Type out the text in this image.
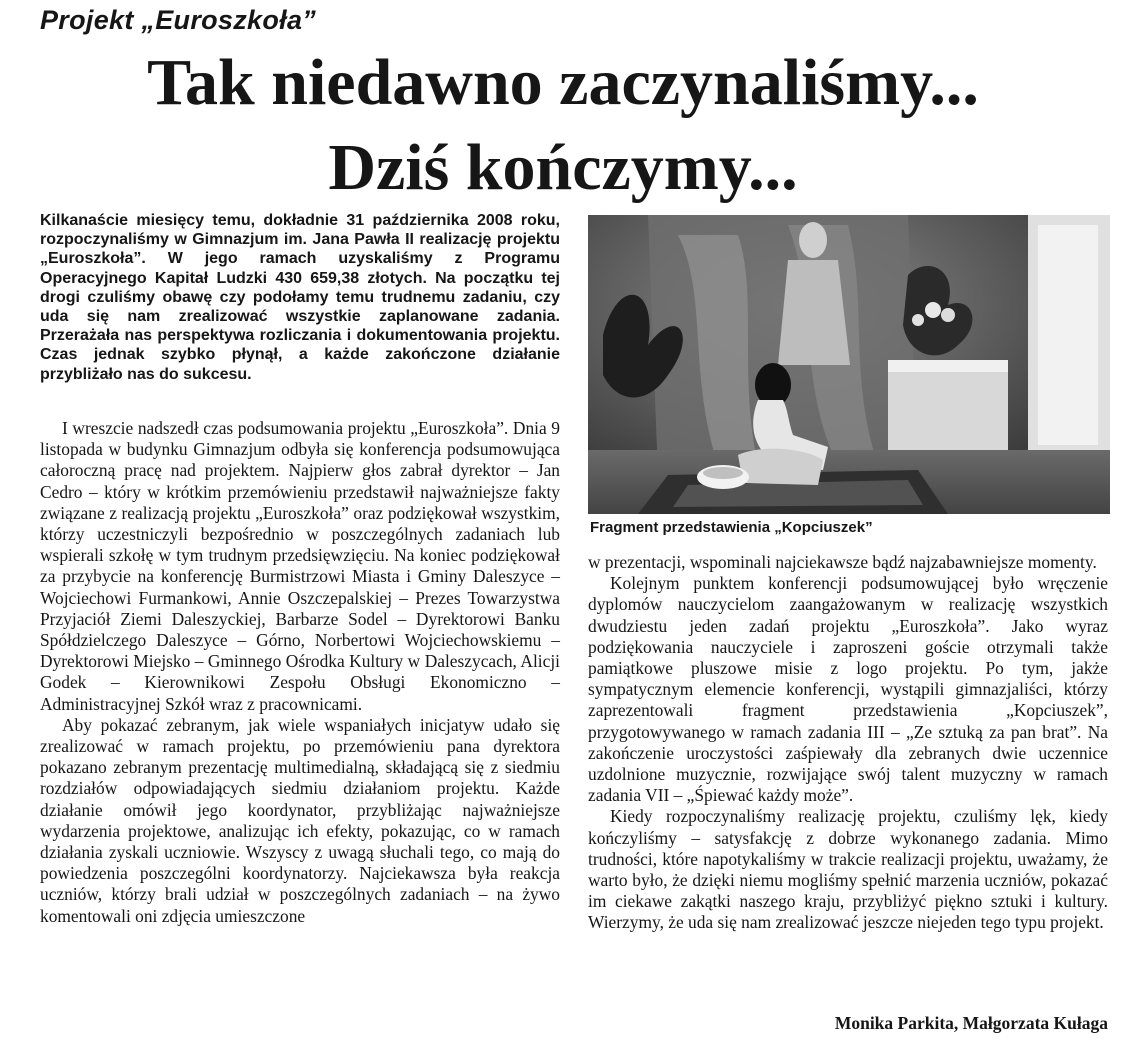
Projekt „Euroszkoła”
Tak niedawno zaczynaliśmy...
Dziś kończymy...

Kilkanaście miesięcy temu, dokładnie 31 października 2008 roku, rozpoczynaliśmy w Gimnazjum im. Jana Pawła II realizację projektu „Euroszkoła”. W jego ramach uzyskaliśmy z Programu Operacyjnego Kapitał Ludzki 430 659,38 złotych. Na początku tej drogi czuliśmy obawę czy podołamy temu trudnemu zadaniu, czy uda się nam zrealizować wszystkie zaplanowane zadania. Przerażała nas perspektywa rozliczania i dokumentowania projektu. Czas jednak szybko płynął, a każde zakończone działanie przybliżało nas do sukcesu.

I wreszcie nadszedł czas podsumowania projektu „Euroszkoła”. Dnia 9 listopada w budynku Gimnazjum odbyła się konferencja podsumowująca całoroczną pracę nad projektem. Najpierw głos zabrał dyrektor – Jan Cedro – który w krótkim przemówieniu przedstawił najważniejsze fakty związane z realizacją projektu „Euroszkoła” oraz podziękował wszystkim, którzy uczestniczyli bezpośrednio w poszczególnych zadaniach lub wspierali szkołę w tym trudnym przedsięwzięciu. Na koniec podziękował za przybycie na konferencję Burmistrzowi Miasta i Gminy Daleszyce – Wojciechowi Furmankowi, Annie Oszczepalskiej – Prezes Towarzystwa Przyjaciół Ziemi Daleszyckiej, Barbarze Sodel – Dyrektorowi Banku Spółdzielczego Daleszyce – Górno, Norbertowi Wojciechowskiemu – Dyrektorowi Miejsko – Gminnego Ośrodka Kultury w Daleszycach, Alicji Godek – Kierownikowi Zespołu Obsługi Ekonomiczno – Administracyjnej Szkół wraz z pracownicami.

Aby pokazać zebranym, jak wiele wspaniałych inicjatyw udało się zrealizować w ramach projektu, po przemówieniu pana dyrektora pokazano zebranym prezentację multimedialną, składającą się z siedmiu rozdziałów odpowiadających siedmiu działaniom projektu. Każde działanie omówił jego koordynator, przybliżając najważniejsze wydarzenia projektowe, analizując ich efekty, pokazując, co w ramach działania zyskali uczniowie. Wszyscy z uwagą słuchali tego, co mają do powiedzenia poszczególni koordynatorzy. Najciekawsza była reakcja uczniów, którzy brali udział w poszczególnych zadaniach – na żywo komentowali oni zdjęcia umieszczone

Fragment przedstawienia „Kopciuszek”

w prezentacji, wspominali najciekawsze bądź najzabawniejsze momenty.

Kolejnym punktem konferencji podsumowującej było wręczenie dyplomów nauczycielom zaangażowanym w realizację wszystkich dwudziestu jeden zadań projektu „Euroszkoła”. Jako wyraz podziękowania nauczyciele i zaproszeni goście otrzymali także pamiątkowe pluszowe misie z logo projektu. Po tym, jakże sympatycznym elemencie konferencji, wystąpili gimnazjaliści, którzy zaprezentowali fragment przedstawienia „Kopciuszek”, przygotowywanego w ramach zadania III – „Ze sztuką za pan brat”. Na zakończenie uroczystości zaśpiewały dla zebranych dwie uczennice uzdolnione muzycznie, rozwijające swój talent muzyczny w ramach zadania VII – „Śpiewać każdy może”.

Kiedy rozpoczynaliśmy realizację projektu, czuliśmy lęk, kiedy kończyliśmy – satysfakcję z dobrze wykonanego zadania. Mimo trudności, które napotykaliśmy w trakcie realizacji projektu, uważamy, że warto było, że dzięki niemu mogliśmy spełnić marzenia uczniów, pokazać im ciekawe zakątki naszego kraju, przybliżyć piękno sztuki i kultury. Wierzymy, że uda się nam zrealizować jeszcze niejeden tego typu projekt.

Monika Parkita, Małgorzata Kułaga
